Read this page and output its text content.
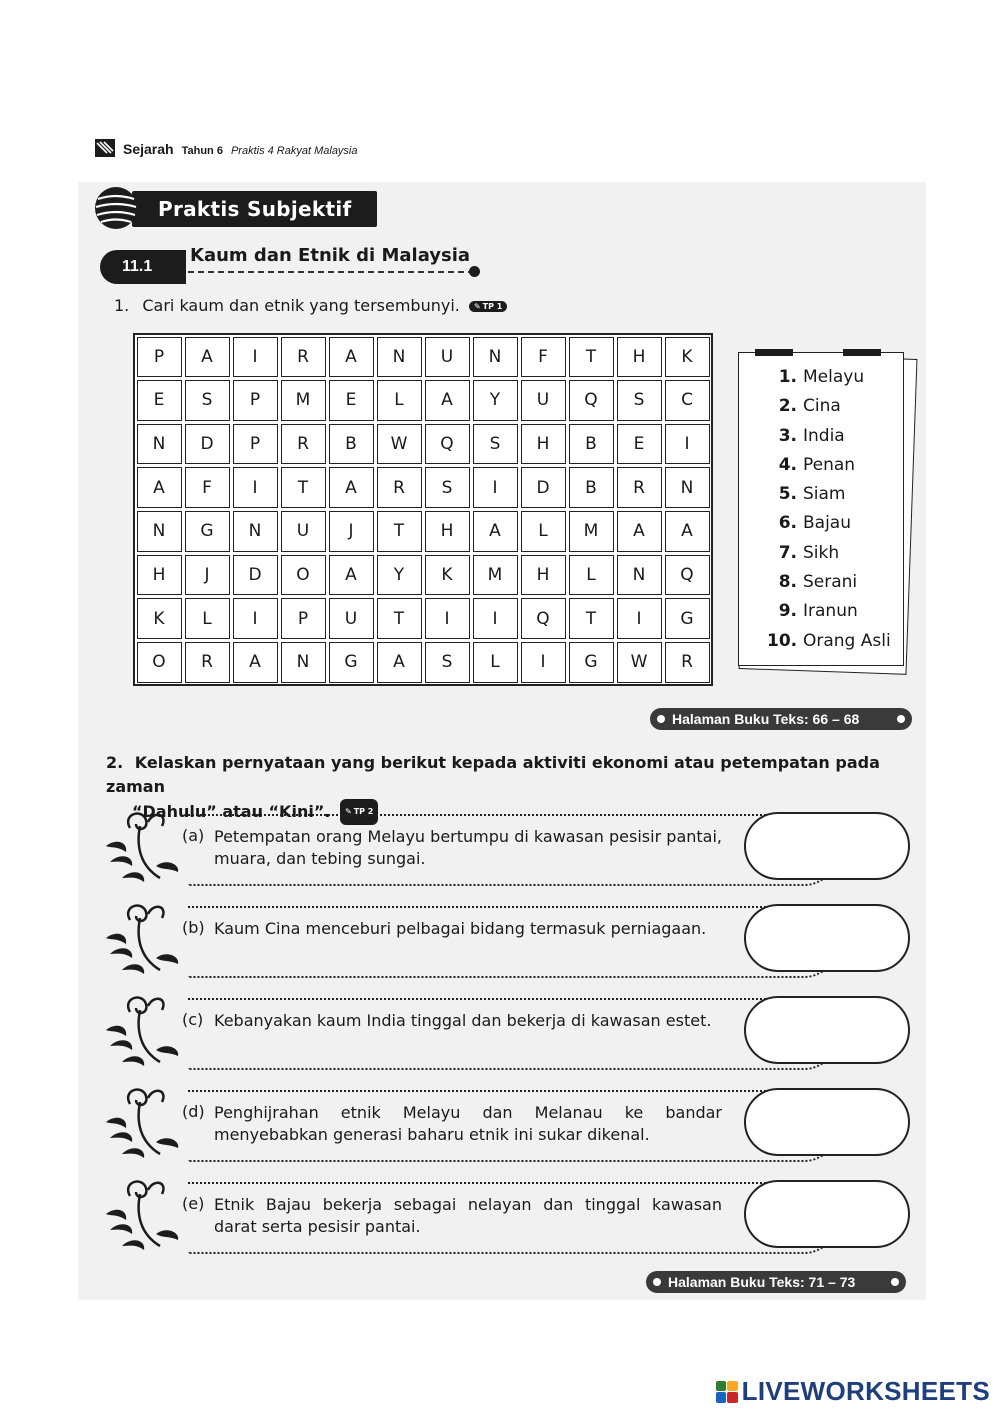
Sejarah Tahun 6 Praktis 4 Rakyat Malaysia
Praktis Subjektif
11.1
Kaum dan Etnik di Malaysia
1. Cari kaum dan etnik yang tersembunyi.	✎ TP 1
P	A	I	R	A	N	U	N	F	T	H	K
E	S	P	M	E	L	A	Y	U	Q	S	C
N	D	P	R	B	W	Q	S	H	B	E	I
A	F	I	T	A	R	S	I	D	B	R	N
N	G	N	U	J	T	H	A	L	M	A	A
H	J	D	O	A	Y	K	M	H	L	N	Q
K	L	I	P	U	T	I	I	Q	T	I	G
O	R	A	N	G	A	S	L	I	G	W	R
1. Melayu
2. Cina
3. India
4. Penan
5. Siam
6. Bajau
7. Sikh
8. Serani
9. Iranun
10. Orang Asli
Halaman Buku Teks: 66 – 68
2. Kelaskan pernyataan yang berikut kepada aktiviti ekonomi atau petempatan pada zaman
“Dahulu” atau “Kini”.	✎ TP 2
(a) Petempatan orang Melayu bertumpu di kawasan pesisir pantai, muara, dan tebing sungai.
(b) Kaum Cina menceburi pelbagai bidang termasuk perniagaan.
(c) Kebanyakan kaum India tinggal dan bekerja di kawasan estet.
(d) Penghijrahan etnik Melayu dan Melanau ke bandar menyebabkan generasi baharu etnik ini sukar dikenal.
(e) Etnik Bajau bekerja sebagai nelayan dan tinggal kawasan darat serta pesisir pantai.
Halaman Buku Teks: 71 – 73
LIVEWORKSHEETS
